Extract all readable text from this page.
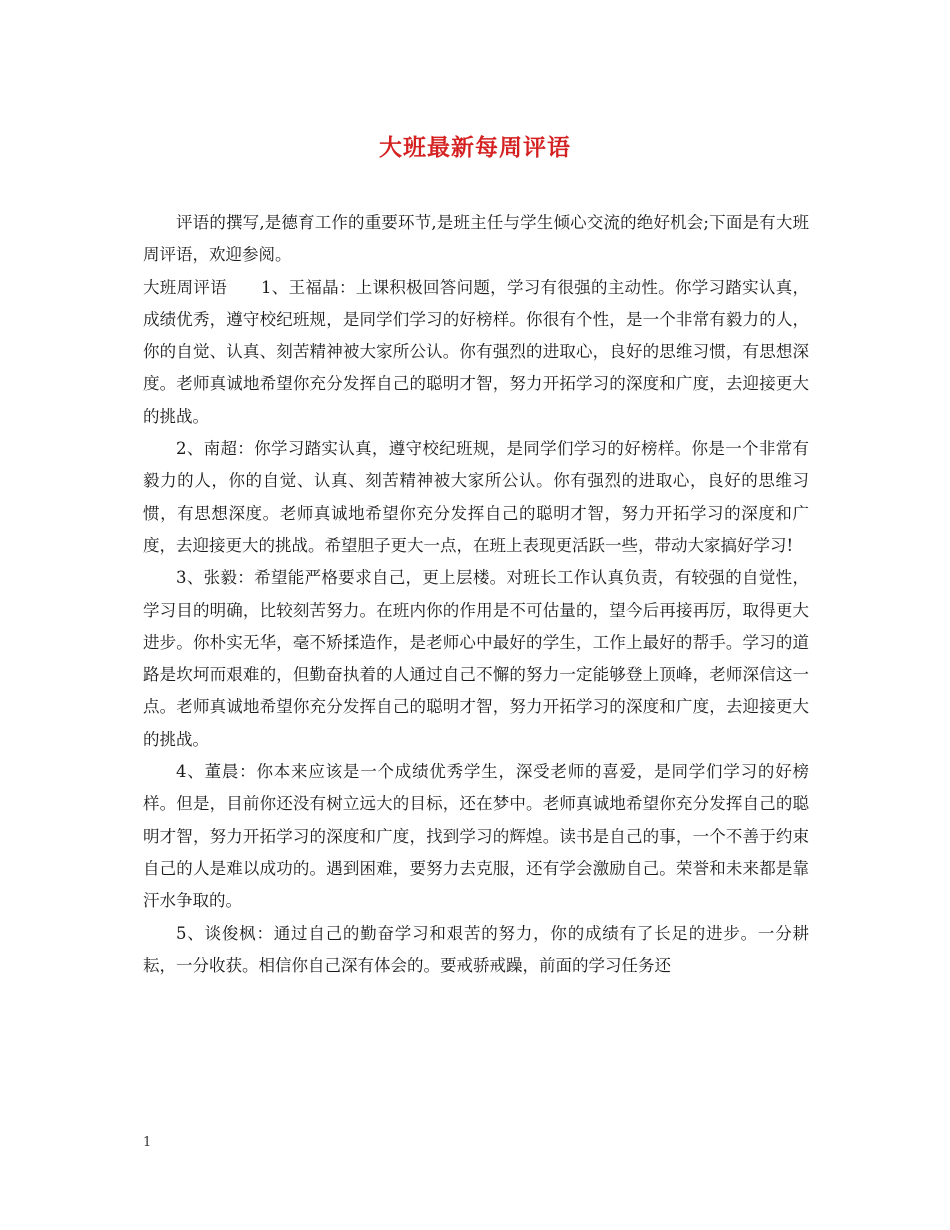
大班最新每周评语

评语的撰写,是德育工作的重要环节,是班主任与学生倾心交流的绝好机会;下面是有大班周评语，欢迎参阅。

大班周评语 1、王福晶：上课积极回答问题，学习有很强的主动性。你学习踏实认真，成绩优秀，遵守校纪班规，是同学们学习的好榜样。你很有个性，是一个非常有毅力的人，你的自觉、认真、刻苦精神被大家所公认。你有强烈的进取心，良好的思维习惯，有思想深度。老师真诚地希望你充分发挥自己的聪明才智，努力开拓学习的深度和广度，去迎接更大的挑战。

2、南超：你学习踏实认真，遵守校纪班规，是同学们学习的好榜样。你是一个非常有毅力的人，你的自觉、认真、刻苦精神被大家所公认。你有强烈的进取心，良好的思维习惯，有思想深度。老师真诚地希望你充分发挥自己的聪明才智，努力开拓学习的深度和广度，去迎接更大的挑战。希望胆子更大一点，在班上表现更活跃一些，带动大家搞好学习!

3、张毅：希望能严格要求自己，更上层楼。对班长工作认真负责，有较强的自觉性，学习目的明确，比较刻苦努力。在班内你的作用是不可估量的，望今后再接再厉，取得更大进步。你朴实无华，毫不矫揉造作，是老师心中最好的学生，工作上最好的帮手。学习的道路是坎坷而艰难的，但勤奋执着的人通过自己不懈的努力一定能够登上顶峰，老师深信这一点。老师真诚地希望你充分发挥自己的聪明才智，努力开拓学习的深度和广度，去迎接更大的挑战。

4、董晨：你本来应该是一个成绩优秀学生，深受老师的喜爱，是同学们学习的好榜样。但是，目前你还没有树立远大的目标，还在梦中。老师真诚地希望你充分发挥自己的聪明才智，努力开拓学习的深度和广度，找到学习的辉煌。读书是自己的事，一个不善于约束自己的人是难以成功的。遇到困难，要努力去克服，还有学会激励自己。荣誉和未来都是靠汗水争取的。

5、谈俊枫：通过自己的勤奋学习和艰苦的努力，你的成绩有了长足的进步。一分耕耘，一分收获。相信你自己深有体会的。要戒骄戒躁，前面的学习任务还

1
